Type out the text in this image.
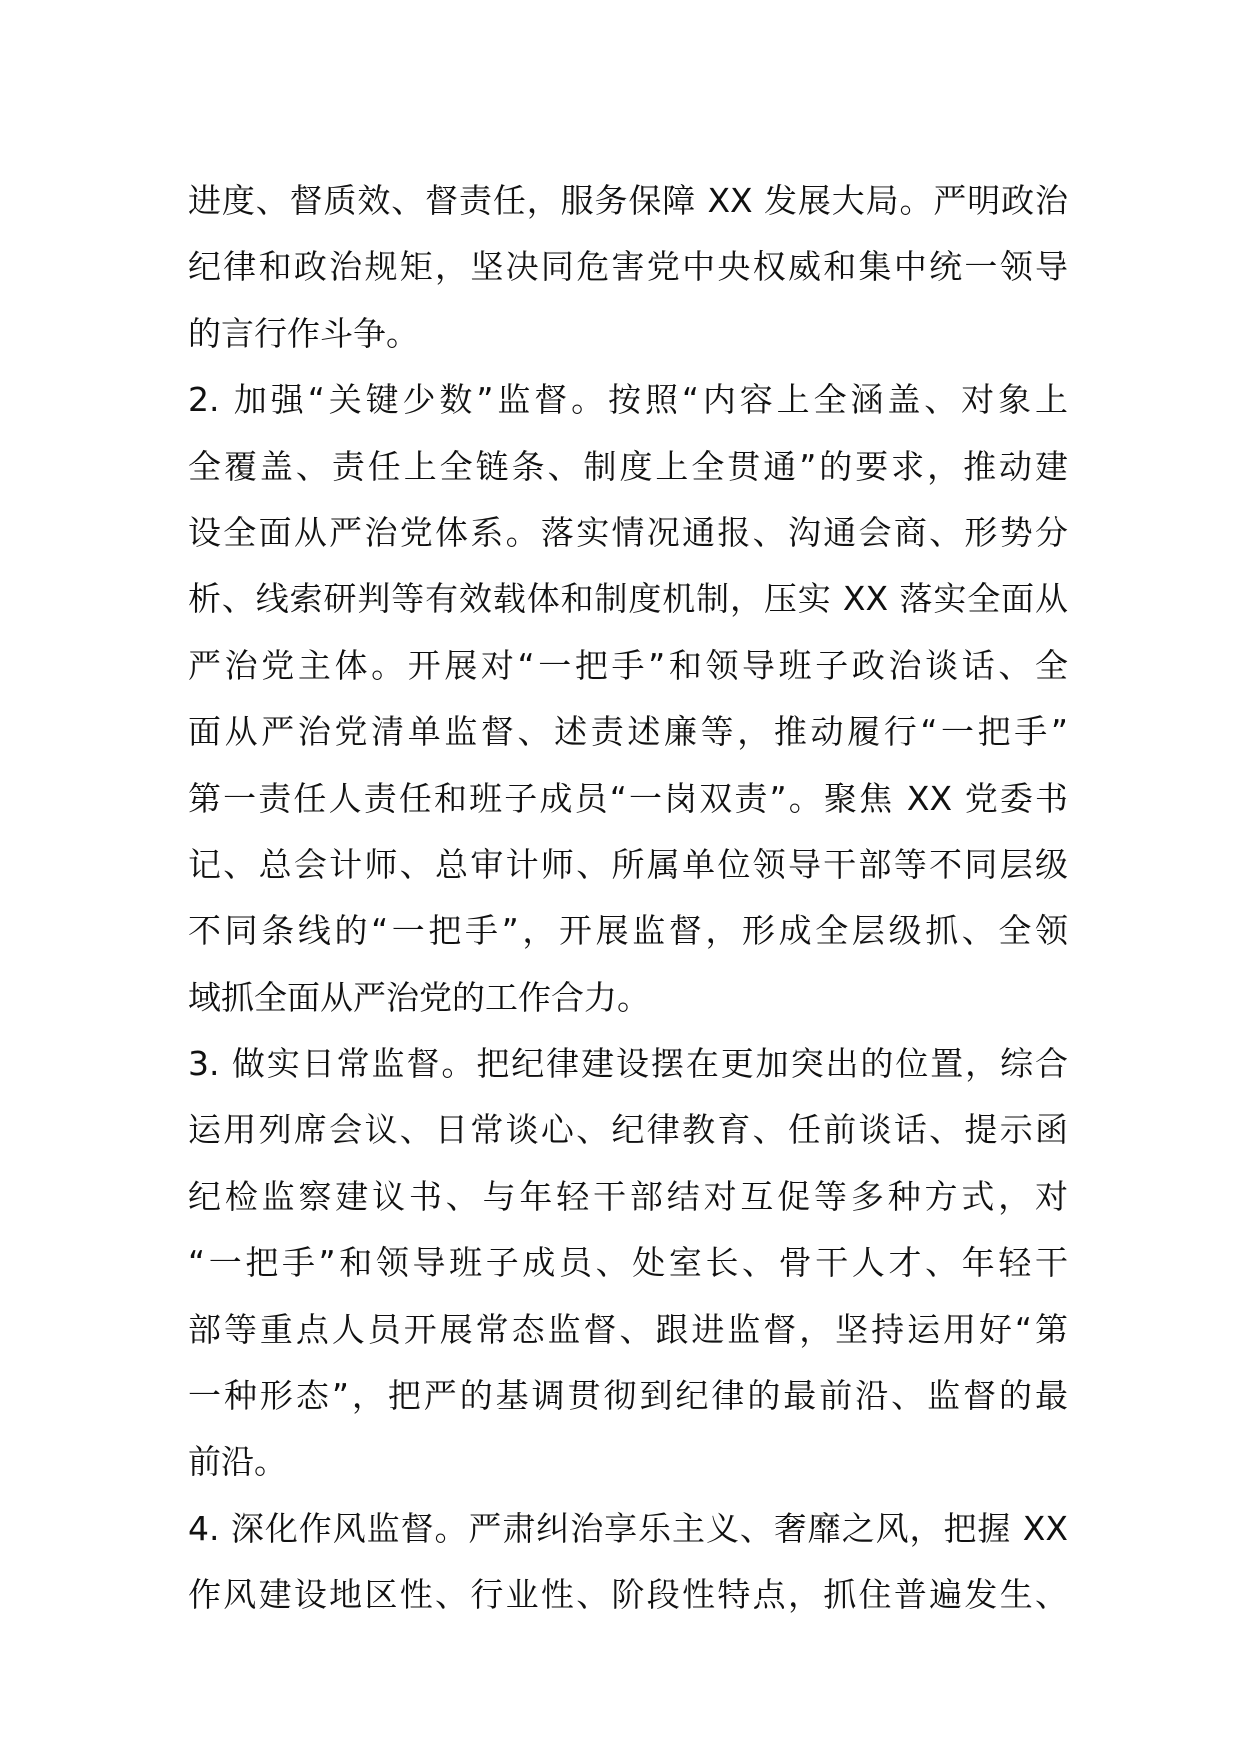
进度、督质效、督责任，服务保障 XX 发展大局。严明政治
纪律和政治规矩，坚决同危害党中央权威和集中统一领导
的言行作斗争。
2. 加强“关键少数”监督。按照“内容上全涵盖、对象上
全覆盖、责任上全链条、制度上全贯通”的要求，推动建
设全面从严治党体系。落实情况通报、沟通会商、形势分
析、线索研判等有效载体和制度机制，压实 XX 落实全面从
严治党主体。开展对“一把手”和领导班子政治谈话、全
面从严治党清单监督、述责述廉等，推动履行“一把手”
第一责任人责任和班子成员“一岗双责”。聚焦 XX 党委书
记、总会计师、总审计师、所属单位领导干部等不同层级
不同条线的“一把手”，开展监督，形成全层级抓、全领
域抓全面从严治党的工作合力。
3. 做实日常监督。把纪律建设摆在更加突出的位置，综合
运用列席会议、日常谈心、纪律教育、任前谈话、提示函
纪检监察建议书、与年轻干部结对互促等多种方式，对
“一把手”和领导班子成员、处室长、骨干人才、年轻干
部等重点人员开展常态监督、跟进监督，坚持运用好“第
一种形态”，把严的基调贯彻到纪律的最前沿、监督的最
前沿。
4. 深化作风监督。严肃纠治享乐主义、奢靡之风，把握 XX
作风建设地区性、行业性、阶段性特点，抓住普遍发生、
